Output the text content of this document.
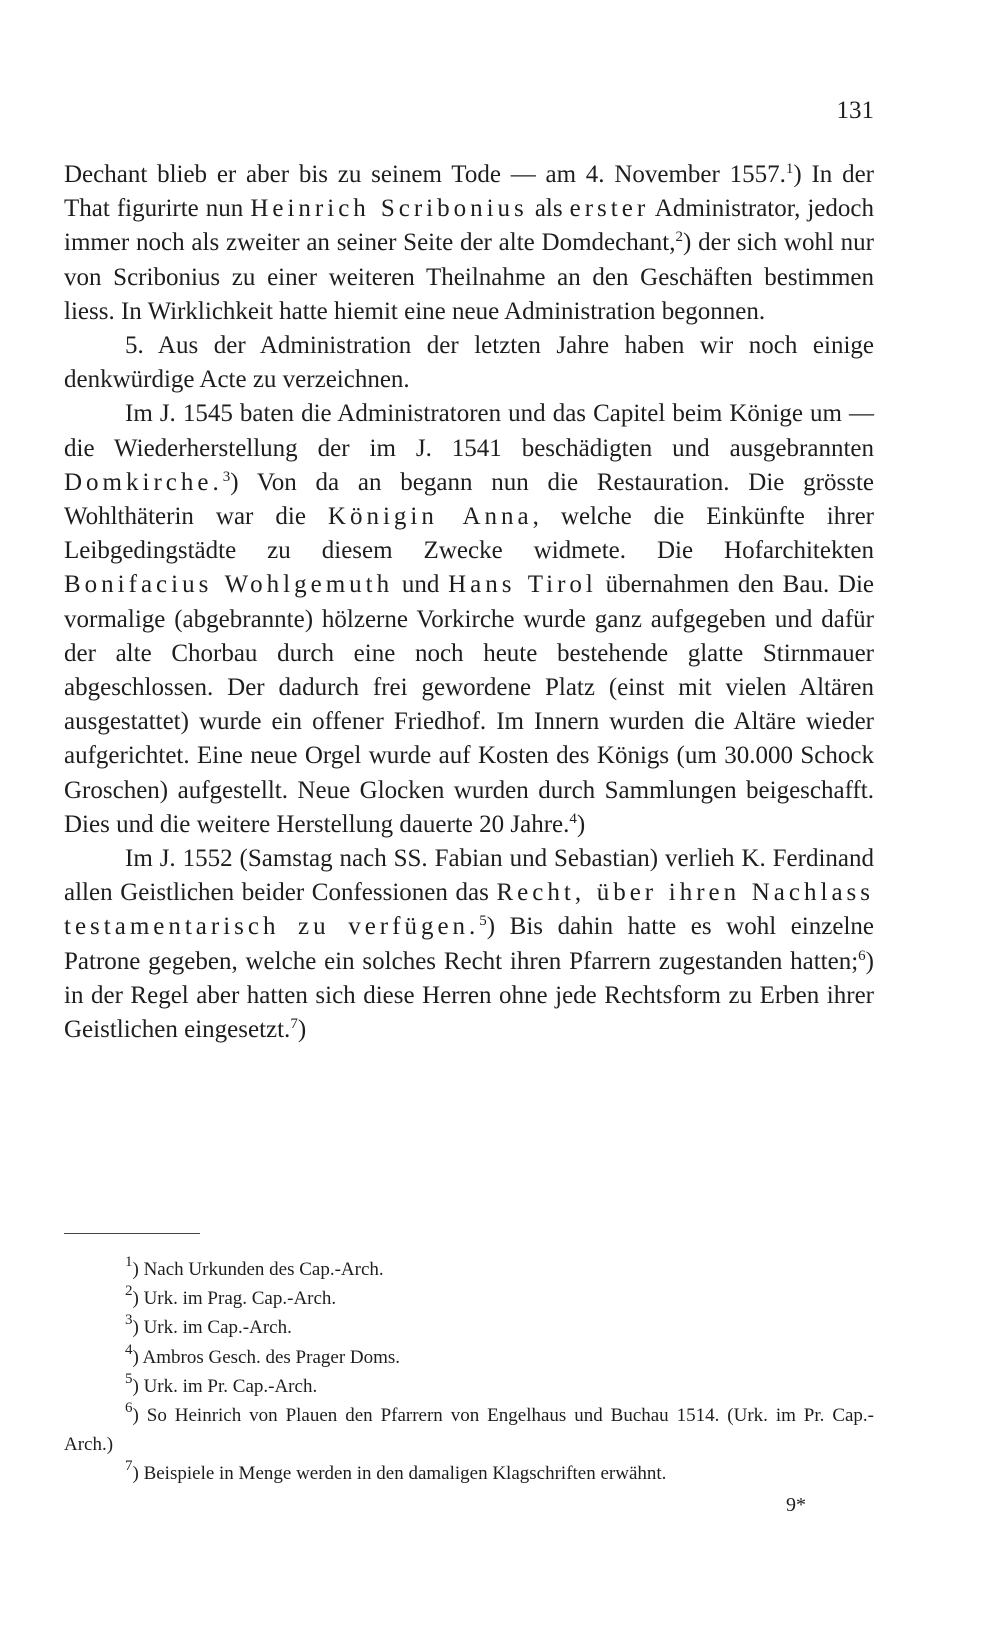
131

Dechant blieb er aber bis zu seinem Tode — am 4. November 1557.$^1$) In der That figurirte nun Heinrich Scribonius als erster Administrator, jedoch immer noch als zweiter an seiner Seite der alte Domdechant,$^2$) der sich wohl nur von Scribonius zu einer weiteren Theilnahme an den Geschäften bestimmen liess. In Wirklichkeit hatte hiemit eine neue Administration begonnen.

5. Aus der Administration der letzten Jahre haben wir noch einige denkwürdige Acte zu verzeichnen.

Im J. 1545 baten die Administratoren und das Capitel beim Könige um — die Wiederherstellung der im J. 1541 beschädigten und ausgebrannten Domkirche.$^3$) Von da an begann nun die Restauration. Die grösste Wohlthäterin war die Königin Anna, welche die Einkünfte ihrer Leibgedingstädte zu diesem Zwecke widmete. Die Hofarchitekten Bonifacius Wohlgemuth und Hans Tirol übernahmen den Bau. Die vormalige (abgebrannte) hölzerne Vorkirche wurde ganz aufgegeben und dafür der alte Chorbau durch eine noch heute bestehende glatte Stirnmauer abgeschlossen. Der dadurch frei gewordene Platz (einst mit vielen Altären ausgestattet) wurde ein offener Friedhof. Im Innern wurden die Altäre wieder aufgerichtet. Eine neue Orgel wurde auf Kosten des Königs (um 30.000 Schock Groschen) aufgestellt. Neue Glocken wurden durch Sammlungen beigeschafft. Dies und die weitere Herstellung dauerte 20 Jahre.$^4$)

Im J. 1552 (Samstag nach SS. Fabian und Sebastian) verlieh K. Ferdinand allen Geistlichen beider Confessionen das Recht, über ihren Nachlass testamentarisch zu verfügen.$^5$) Bis dahin hatte es wohl einzelne Patrone gegeben, welche ein solches Recht ihren Pfarrern zugestanden hatten;$^6$) in der Regel aber hatten sich diese Herren ohne jede Rechtsform zu Erben ihrer Geistlichen eingesetzt.$^7$)

$^1$) Nach Urkunden des Cap.-Arch.

$^2$) Urk. im Prag. Cap.-Arch.

$^3$) Urk. im Cap.-Arch.

$^4$) Ambros Gesch. des Prager Doms.

$^5$) Urk. im Pr. Cap.-Arch.

$^6$) So Heinrich von Plauen den Pfarrern von Engelhaus und Buchau 1514. (Urk. im Pr. Cap.-Arch.)

$^7$) Beispiele in Menge werden in den damaligen Klagschriften erwähnt.

9*
